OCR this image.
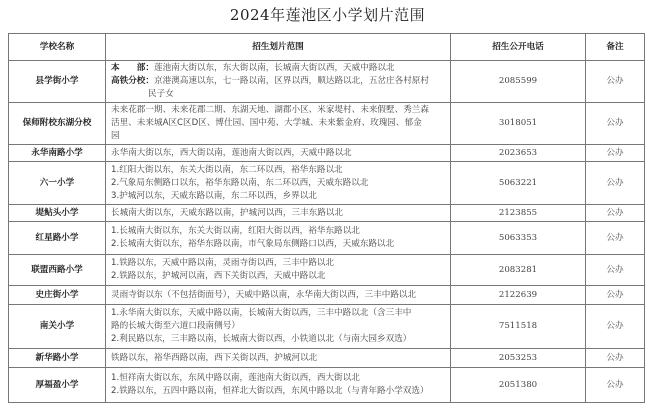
2024年莲池区小学划片范围
学校名称	招生划片范围	招生公开电话	备注
县学街小学	本　　部：莲池南大街以东，东大街以南，长城南大街以西，天威中路以北
高铁分校：京港澳高速以东，七一路以南，区界以西，顺达路以北，五岔庄各村原村
民子女	2085599	公办
保师附校东湖分校	未来花郡一期、未来花郡二期、东湖天地、湖郡小区、米家堤村、未来假墅、秀兰森
活里、未来城A区C区D区、博仕园、国中苑、大学城、未来紫金府、玫瑰园、郁金
园	3018051	公办
永华南路小学	永华南大街以东，西大街以南，莲池南大街以西，天威中路以北	2023653	公办
六一小学	1.红阳大街以东，东关大街以南，东二环以西，裕华东路以北
2.气象局东侧路口以东，裕华东路以南，东二环以西，天威东路以北
3.护城河以东，天威东路以南，东二环以西，乡界以北	5063221	公办
堤鲇头小学	长城南大街以东，天威东路以南，护城河以西，三丰东路以北	2123855	公办
红星路小学	1.长城南大街以东，东关大街以南，红阳大街以西，裕华东路以北
2.长城南大街以东，裕华东路以南，市气象局东侧路口以西，天威东路以北	5063353	公办
联盟西路小学	1.铁路以东，天威中路以南，灵雨寺街以西，三丰中路以北
2.铁路以东，护城河以南，西下关街以西，天威中路以北	2083281	公办
史庄街小学	灵雨寺街以东（不包括街面号），天威中路以南，永华南大街以西，三丰中路以北	2122639	公办
南关小学	1.永华南大街以东，天威中路以南，长城南大街以西，三丰中路以北（含三丰中
路的长城大街至六道口段南侧号）
2.利民路以东，三丰路以南，长城南大街以西，小铁道以北（与南大园乡双选）	7511518	公办
新华路小学	铁路以东，裕华西路以南，西下关街以西，护城河以北	2053253	公办
厚福盈小学	1.恒祥南大街以东，东风中路以南，莲池南大街以西，西大街以北
2.铁路以东，五四中路以南，恒祥北大街以西，东风中路以北（与青年路小学双选）	2051380	公办
